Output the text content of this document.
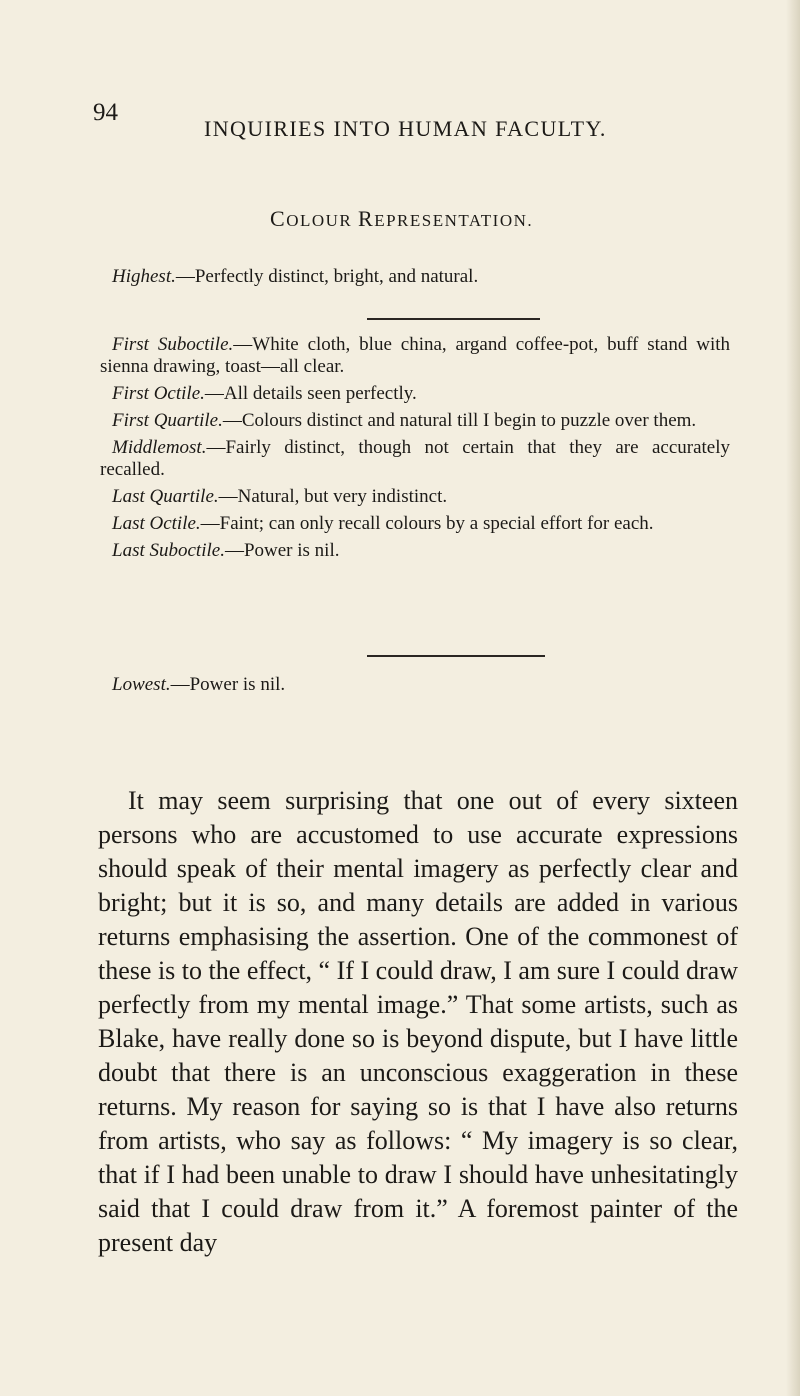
94
INQUIRIES INTO HUMAN FACULTY.
COLOUR REPRESENTATION.

Highest.—Perfectly distinct, bright, and natural.

First Suboctile.—White cloth, blue china, argand coffee-pot, buff stand with sienna drawing, toast—all clear.

First Octile.—All details seen perfectly.

First Quartile.—Colours distinct and natural till I begin to puzzle over them.

Middlemost.—Fairly distinct, though not certain that they are accurately recalled.

Last Quartile.—Natural, but very indistinct.

Last Octile.—Faint; can only recall colours by a special effort for each.

Last Suboctile.—Power is nil.

Lowest.—Power is nil.

It may seem surprising that one out of every sixteen persons who are accustomed to use accurate expressions should speak of their mental imagery as perfectly clear and bright; but it is so, and many details are added in various returns emphasising the assertion. One of the commonest of these is to the effect, “ If I could draw, I am sure I could draw perfectly from my mental image.” That some artists, such as Blake, have really done so is beyond dispute, but I have little doubt that there is an unconscious exaggeration in these returns. My reason for saying so is that I have also returns from artists, who say as follows: “ My imagery is so clear, that if I had been unable to draw I should have unhesitatingly said that I could draw from it.” A foremost painter of the present day
